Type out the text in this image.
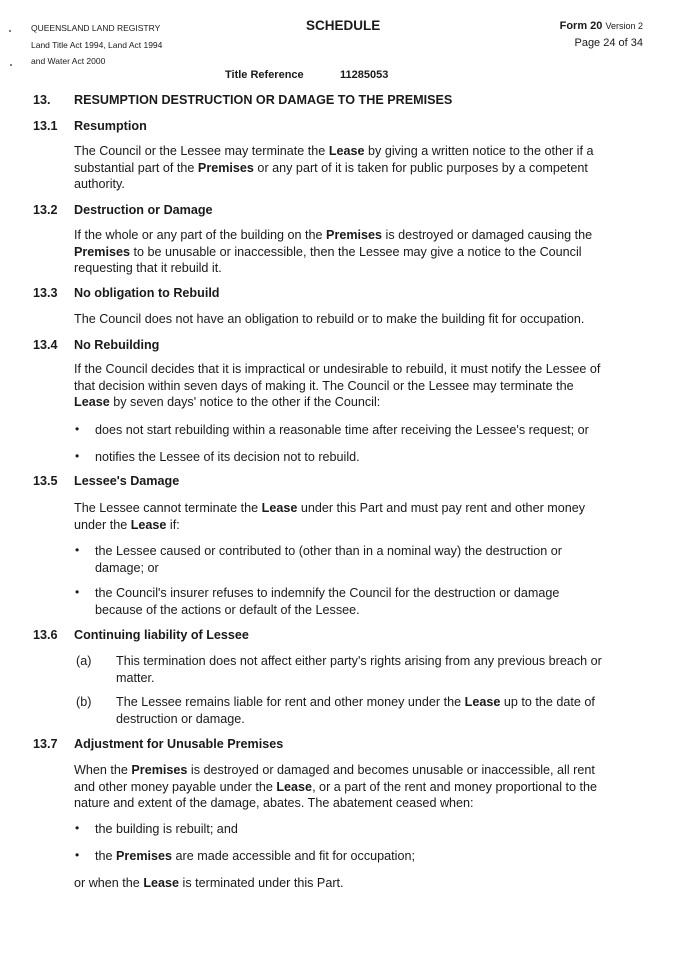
QUEENSLAND LAND REGISTRY
Land Title Act 1994, Land Act 1994
and Water Act 2000
SCHEDULE	Form 20 Version 2
Page 24 of 34
Title Reference	11285053
13. RESUMPTION DESTRUCTION OR DAMAGE TO THE PREMISES
13.1 Resumption
The Council or the Lessee may terminate the Lease by giving a written notice to the other if a
substantial part of the Premises or any part of it is taken for public purposes by a competent
authority.
13.2 Destruction or Damage
If the whole or any part of the building on the Premises is destroyed or damaged causing the
Premises to be unusable or inaccessible, then the Lessee may give a notice to the Council
requesting that it rebuild it.
13.3 No obligation to Rebuild
The Council does not have an obligation to rebuild or to make the building fit for occupation.
13.4 No Rebuilding
If the Council decides that it is impractical or undesirable to rebuild, it must notify the Lessee of
that decision within seven days of making it. The Council or the Lessee may terminate the
Lease by seven days' notice to the other if the Council:
• does not start rebuilding within a reasonable time after receiving the Lessee's request; or
• notifies the Lessee of its decision not to rebuild.
13.5 Lessee's Damage
The Lessee cannot terminate the Lease under this Part and must pay rent and other money
under the Lease if:
• the Lessee caused or contributed to (other than in a nominal way) the destruction or
damage; or
• the Council's insurer refuses to indemnify the Council for the destruction or damage
because of the actions or default of the Lessee.
13.6 Continuing liability of Lessee
(a) This termination does not affect either party's rights arising from any previous breach or
matter.
(b) The Lessee remains liable for rent and other money under the Lease up to the date of
destruction or damage.
13.7 Adjustment for Unusable Premises
When the Premises is destroyed or damaged and becomes unusable or inaccessible, all rent
and other money payable under the Lease, or a part of the rent and money proportional to the
nature and extent of the damage, abates. The abatement ceased when:
• the building is rebuilt; and
• the Premises are made accessible and fit for occupation;
or when the Lease is terminated under this Part.
